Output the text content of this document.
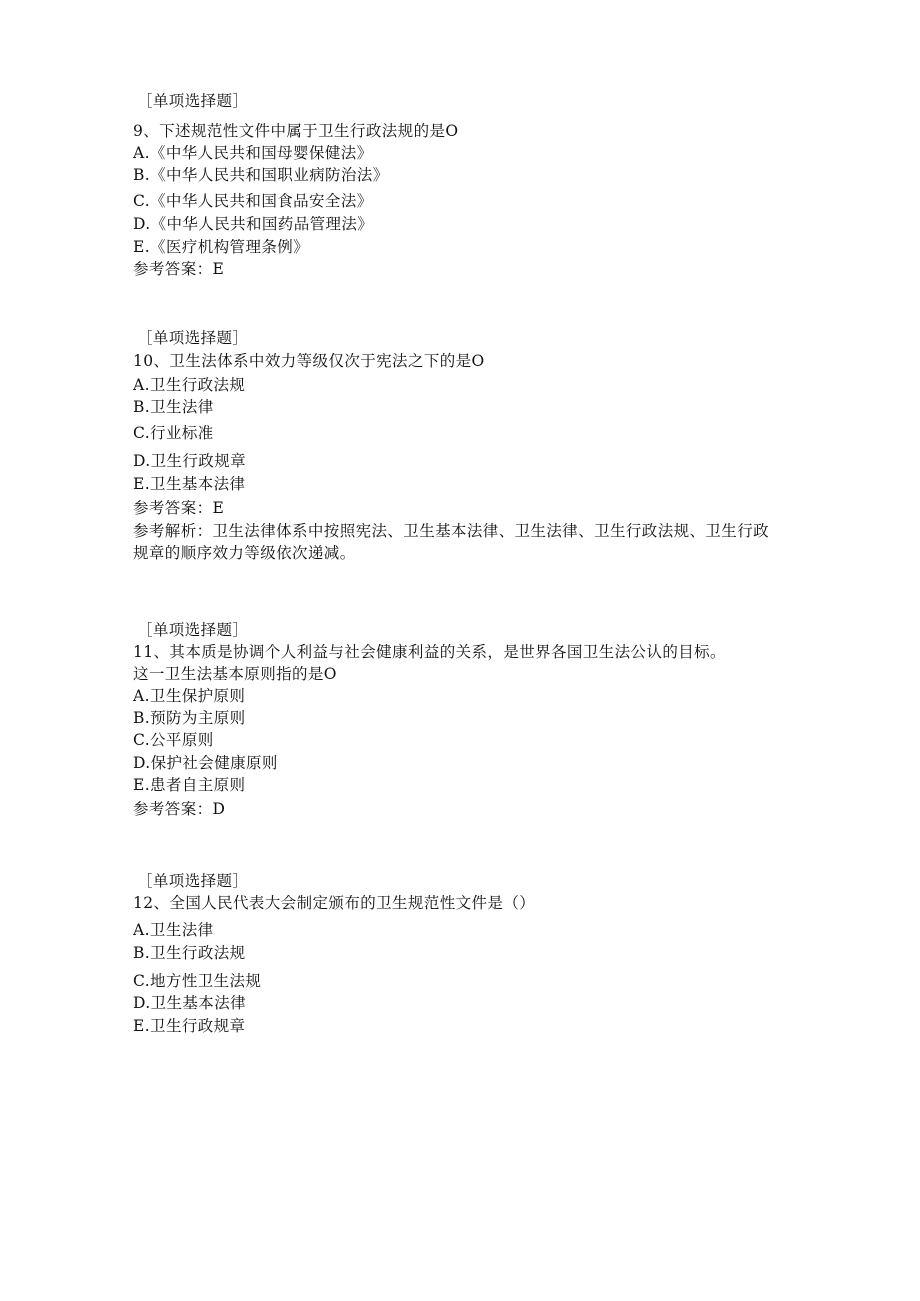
［单项选择题］
9、下述规范性文件中属于卫生行政法规的是O
A.《中华人民共和国母婴保健法》
B.《中华人民共和国职业病防治法》
C.《中华人民共和国食品安全法》
D.《中华人民共和国药品管理法》
E.《医疗机构管理条例》
参考答案：E
［单项选择题］
10、卫生法体系中效力等级仅次于宪法之下的是O
A.卫生行政法规
B.卫生法律
C.行业标准
D.卫生行政规章
E.卫生基本法律
参考答案：E
参考解析：卫生法律体系中按照宪法、卫生基本法律、卫生法律、卫生行政法规、卫生行政规章的顺序效力等级依次递减。
［单项选择题］
11、其本质是协调个人利益与社会健康利益的关系，是世界各国卫生法公认的目标。
这一卫生法基本原则指的是O
A.卫生保护原则
B.预防为主原则
C.公平原则
D.保护社会健康原则
E.患者自主原则
参考答案：D
［单项选择题］
12、全国人民代表大会制定颁布的卫生规范性文件是（）
A.卫生法律
B.卫生行政法规
C.地方性卫生法规
D.卫生基本法律
E.卫生行政规章
